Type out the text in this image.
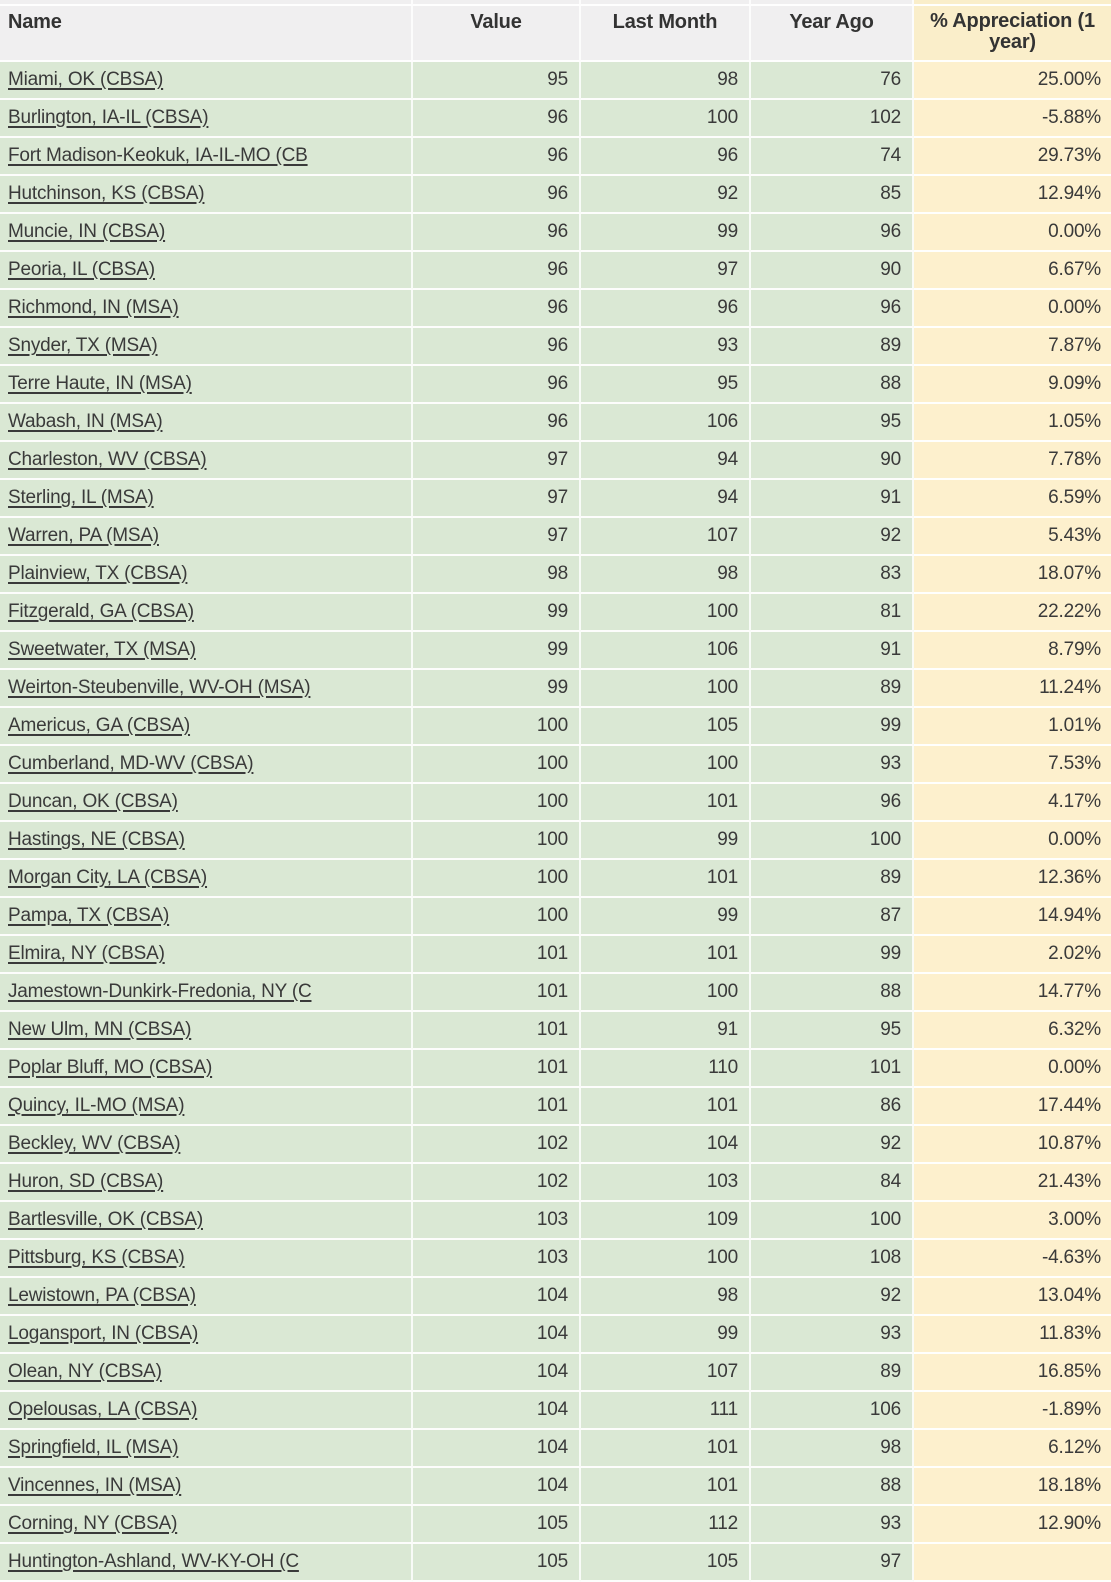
Name	Value	Last Month	Year Ago	% Appreciation (1 year)
Miami, OK (CBSA)	95	98	76	25.00%
Burlington, IA-IL (CBSA)	96	100	102	-5.88%
Fort Madison-Keokuk, IA-IL-MO (CB	96	96	74	29.73%
Hutchinson, KS (CBSA)	96	92	85	12.94%
Muncie, IN (CBSA)	96	99	96	0.00%
Peoria, IL (CBSA)	96	97	90	6.67%
Richmond, IN (MSA)	96	96	96	0.00%
Snyder, TX (MSA)	96	93	89	7.87%
Terre Haute, IN (MSA)	96	95	88	9.09%
Wabash, IN (MSA)	96	106	95	1.05%
Charleston, WV (CBSA)	97	94	90	7.78%
Sterling, IL (MSA)	97	94	91	6.59%
Warren, PA (MSA)	97	107	92	5.43%
Plainview, TX (CBSA)	98	98	83	18.07%
Fitzgerald, GA (CBSA)	99	100	81	22.22%
Sweetwater, TX (MSA)	99	106	91	8.79%
Weirton-Steubenville, WV-OH (MSA)	99	100	89	11.24%
Americus, GA (CBSA)	100	105	99	1.01%
Cumberland, MD-WV (CBSA)	100	100	93	7.53%
Duncan, OK (CBSA)	100	101	96	4.17%
Hastings, NE (CBSA)	100	99	100	0.00%
Morgan City, LA (CBSA)	100	101	89	12.36%
Pampa, TX (CBSA)	100	99	87	14.94%
Elmira, NY (CBSA)	101	101	99	2.02%
Jamestown-Dunkirk-Fredonia, NY (C	101	100	88	14.77%
New Ulm, MN (CBSA)	101	91	95	6.32%
Poplar Bluff, MO (CBSA)	101	110	101	0.00%
Quincy, IL-MO (MSA)	101	101	86	17.44%
Beckley, WV (CBSA)	102	104	92	10.87%
Huron, SD (CBSA)	102	103	84	21.43%
Bartlesville, OK (CBSA)	103	109	100	3.00%
Pittsburg, KS (CBSA)	103	100	108	-4.63%
Lewistown, PA (CBSA)	104	98	92	13.04%
Logansport, IN (CBSA)	104	99	93	11.83%
Olean, NY (CBSA)	104	107	89	16.85%
Opelousas, LA (CBSA)	104	111	106	-1.89%
Springfield, IL (MSA)	104	101	98	6.12%
Vincennes, IN (MSA)	104	101	88	18.18%
Corning, NY (CBSA)	105	112	93	12.90%
Huntington-Ashland, WV-KY-OH (C	105	105	97
